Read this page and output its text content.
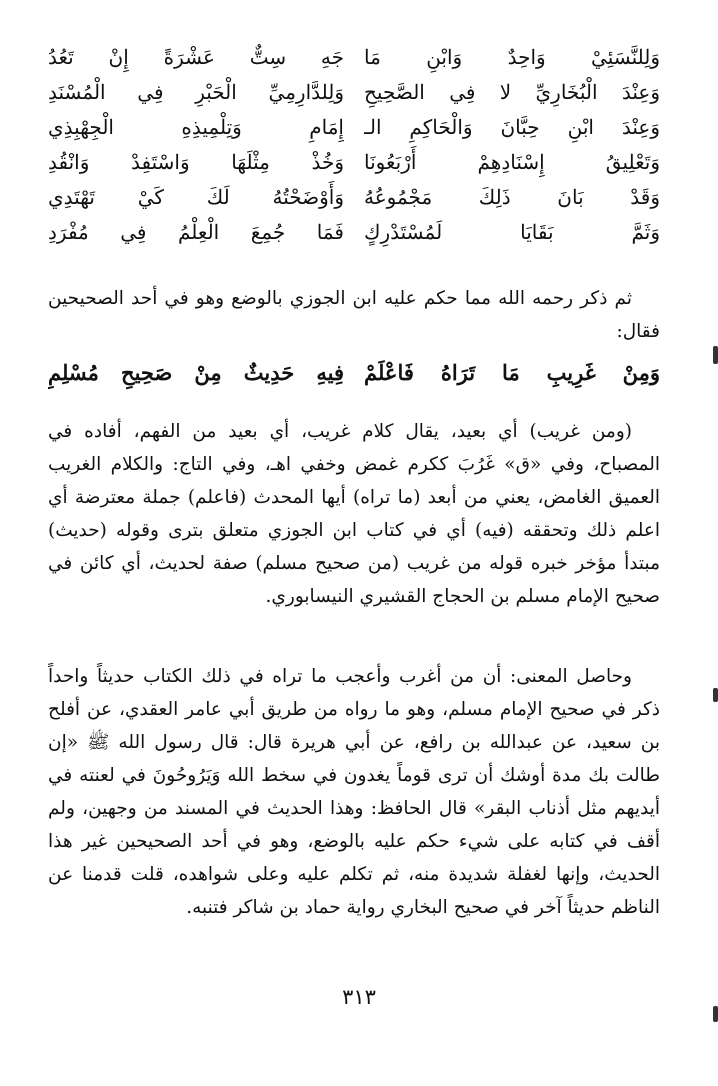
وَلِلنَّسَئِيْ وَاحِدٌ وَابْنِ مَا
جَهِ سِتٌّ عَشْرَةً إِنْ تَعُدُ
وَعِنْدَ الْبُخَارِيِّ لا فِي الصَّحِيحِ
وَلِلدَّارِمِيِّ الْحَبْرِ فِي الْمُسْنَدِ
وَعِنْدَ ابْنِ حِبَّانَ وَالْحَاكِمِ الـ
إِمَامِ وَتِلْمِيذِهِ الْجِهْبِذِي
وَتَعْلِيقُ إِسْنَادِهِمْ أَرْبَعُونَا
وَخُذْ مِثْلَهَا وَاسْتَفِدْ وَانْقُدِ
وَقَدْ بَانَ ذَلِكَ مَجْمُوعُهُ
وَأَوْضَحْتُهُ لَكَ كَيْ تَهْتَدِي
وَثَمَّ بَقَايَا لَمُسْتَدْرِكٍ
فَمَا جُمِعَ الْعِلْمُ فِي مُفْرَدِ

ثم ذكر رحمه الله مما حكم عليه ابن الجوزي بالوضع وهو في أحد الصحيحين فقال:

وَمِنْ غَرِيبِ مَا تَرَاهُ فَاعْلَمْ
فِيهِ حَدِيثٌ مِنْ صَحِيحِ مُسْلِمِ

(ومن غريب) أي بعيد، يقال كلام غريب، أي بعيد من الفهم، أفاده في المصباح، وفي «ق» غَرُبَ ككرم غمض وخفي اهـ، وفي التاج: والكلام الغريب العميق الغامض، يعني من أبعد (ما تراه) أيها المحدث (فاعلم) جملة معترضة أي اعلم ذلك وتحققه (فيه) أي في كتاب ابن الجوزي متعلق بترى وقوله (حديث) مبتدأ مؤخر خبره قوله من غريب (من صحيح مسلم) صفة لحديث، أي كائن في صحيح الإمام مسلم بن الحجاج القشيري النيسابوري.

وحاصل المعنى: أن من أغرب وأعجب ما تراه في ذلك الكتاب حديثاً واحداً ذكر في صحيح الإمام مسلم، وهو ما رواه من طريق أبي عامر العقدي، عن أفلح بن سعيد، عن عبدالله بن رافع، عن أبي هريرة قال: قال رسول الله ﷺ «إن طالت بك مدة أوشك أن ترى قوماً يغدون في سخط الله وَيَرُوحُونَ في لعنته في أيديهم مثل أذناب البقر» قال الحافظ: وهذا الحديث في المسند من وجهين، ولم أقف في كتابه على شيء حكم عليه بالوضع، وهو في أحد الصحيحين غير هذا الحديث، وإنها لغفلة شديدة منه، ثم تكلم عليه وعلى شواهده، قلت قدمنا عن الناظم حديثاً آخر في صحيح البخاري رواية حماد بن شاكر فتنبه.

٣١٣
